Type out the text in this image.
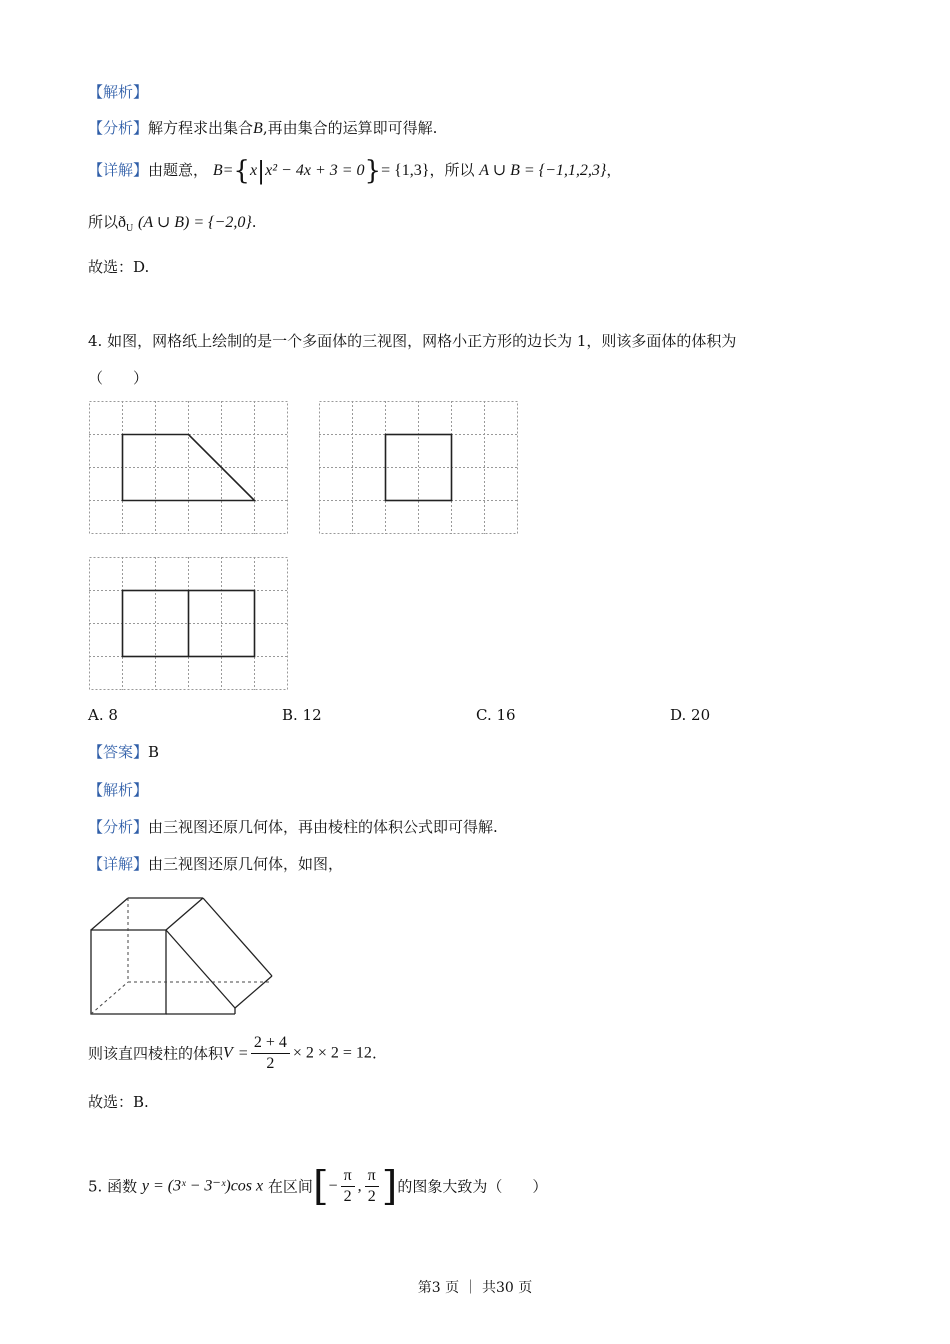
【解析】
【分析】解方程求出集合B,再由集合的运算即可得解.
【详解】由题意， B={x|x² − 4x + 3 = 0}= {1,3}，所以 A ∪ B = {−1,1,2,3}，
所以$ð_U$ (A ∪ B) = {−2,0}.
故选：D.
4. 如图，网格纸上绘制的是一个多面体的三视图，网格小正方形的边长为 1，则该多面体的体积为
（　　）
A. 8	B. 12	C. 16	D. 20
【答案】B
【解析】
【分析】由三视图还原几何体，再由棱柱的体积公式即可得解.
【详解】由三视图还原几何体，如图，
则该直四棱柱的体积$V = \frac{2 + 4}{2} \times 2 \times 2 = 12$.
故选：B.
5. 函数 y = (3ˣ − 3⁻ˣ)cos x 在区间[− $\frac{\pi}{2}$ , $\frac{\pi}{2}$ ]的图象大致为（　　）
第3 页 ｜ 共30 页
